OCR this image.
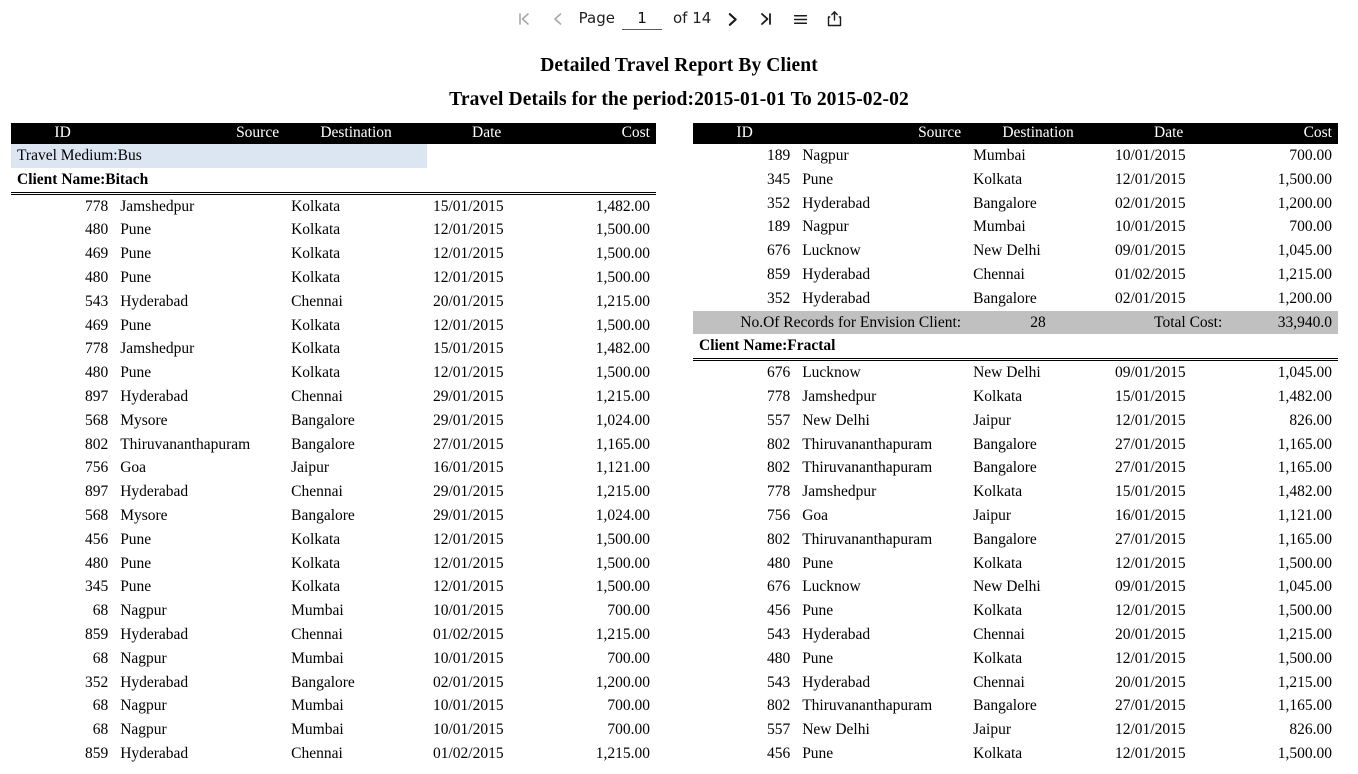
Page
1	of 14
Detailed Travel Report By Client
Travel Details for the period:2015-01-01 To 2015-02-02
ID	Source	Destination	Date	Cost
Travel Medium:Bus				
Client Name:Bitach				
778	Jamshedpur	Kolkata	15/01/2015	1,482.00
480	Pune	Kolkata	12/01/2015	1,500.00
469	Pune	Kolkata	12/01/2015	1,500.00
480	Pune	Kolkata	12/01/2015	1,500.00
543	Hyderabad	Chennai	20/01/2015	1,215.00
469	Pune	Kolkata	12/01/2015	1,500.00
778	Jamshedpur	Kolkata	15/01/2015	1,482.00
480	Pune	Kolkata	12/01/2015	1,500.00
897	Hyderabad	Chennai	29/01/2015	1,215.00
568	Mysore	Bangalore	29/01/2015	1,024.00
802	Thiruvananthapuram	Bangalore	27/01/2015	1,165.00
756	Goa	Jaipur	16/01/2015	1,121.00
897	Hyderabad	Chennai	29/01/2015	1,215.00
568	Mysore	Bangalore	29/01/2015	1,024.00
456	Pune	Kolkata	12/01/2015	1,500.00
480	Pune	Kolkata	12/01/2015	1,500.00
345	Pune	Kolkata	12/01/2015	1,500.00
68	Nagpur	Mumbai	10/01/2015	700.00
859	Hyderabad	Chennai	01/02/2015	1,215.00
68	Nagpur	Mumbai	10/01/2015	700.00
352	Hyderabad	Bangalore	02/01/2015	1,200.00
68	Nagpur	Mumbai	10/01/2015	700.00
68	Nagpur	Mumbai	10/01/2015	700.00
859	Hyderabad	Chennai	01/02/2015	1,215.00
ID	Source	Destination	Date	Cost
189	Nagpur	Mumbai	10/01/2015	700.00
345	Pune	Kolkata	12/01/2015	1,500.00
352	Hyderabad	Bangalore	02/01/2015	1,200.00
189	Nagpur	Mumbai	10/01/2015	700.00
676	Lucknow	New Delhi	09/01/2015	1,045.00
859	Hyderabad	Chennai	01/02/2015	1,215.00
352	Hyderabad	Bangalore	02/01/2015	1,200.00
No.Of Records for Envision Client:		28	Total Cost:	33,940.0
Client Name:Fractal				
676	Lucknow	New Delhi	09/01/2015	1,045.00
778	Jamshedpur	Kolkata	15/01/2015	1,482.00
557	New Delhi	Jaipur	12/01/2015	826.00
802	Thiruvananthapuram	Bangalore	27/01/2015	1,165.00
802	Thiruvananthapuram	Bangalore	27/01/2015	1,165.00
778	Jamshedpur	Kolkata	15/01/2015	1,482.00
756	Goa	Jaipur	16/01/2015	1,121.00
802	Thiruvananthapuram	Bangalore	27/01/2015	1,165.00
480	Pune	Kolkata	12/01/2015	1,500.00
676	Lucknow	New Delhi	09/01/2015	1,045.00
456	Pune	Kolkata	12/01/2015	1,500.00
543	Hyderabad	Chennai	20/01/2015	1,215.00
480	Pune	Kolkata	12/01/2015	1,500.00
543	Hyderabad	Chennai	20/01/2015	1,215.00
802	Thiruvananthapuram	Bangalore	27/01/2015	1,165.00
557	New Delhi	Jaipur	12/01/2015	826.00
456	Pune	Kolkata	12/01/2015	1,500.00
